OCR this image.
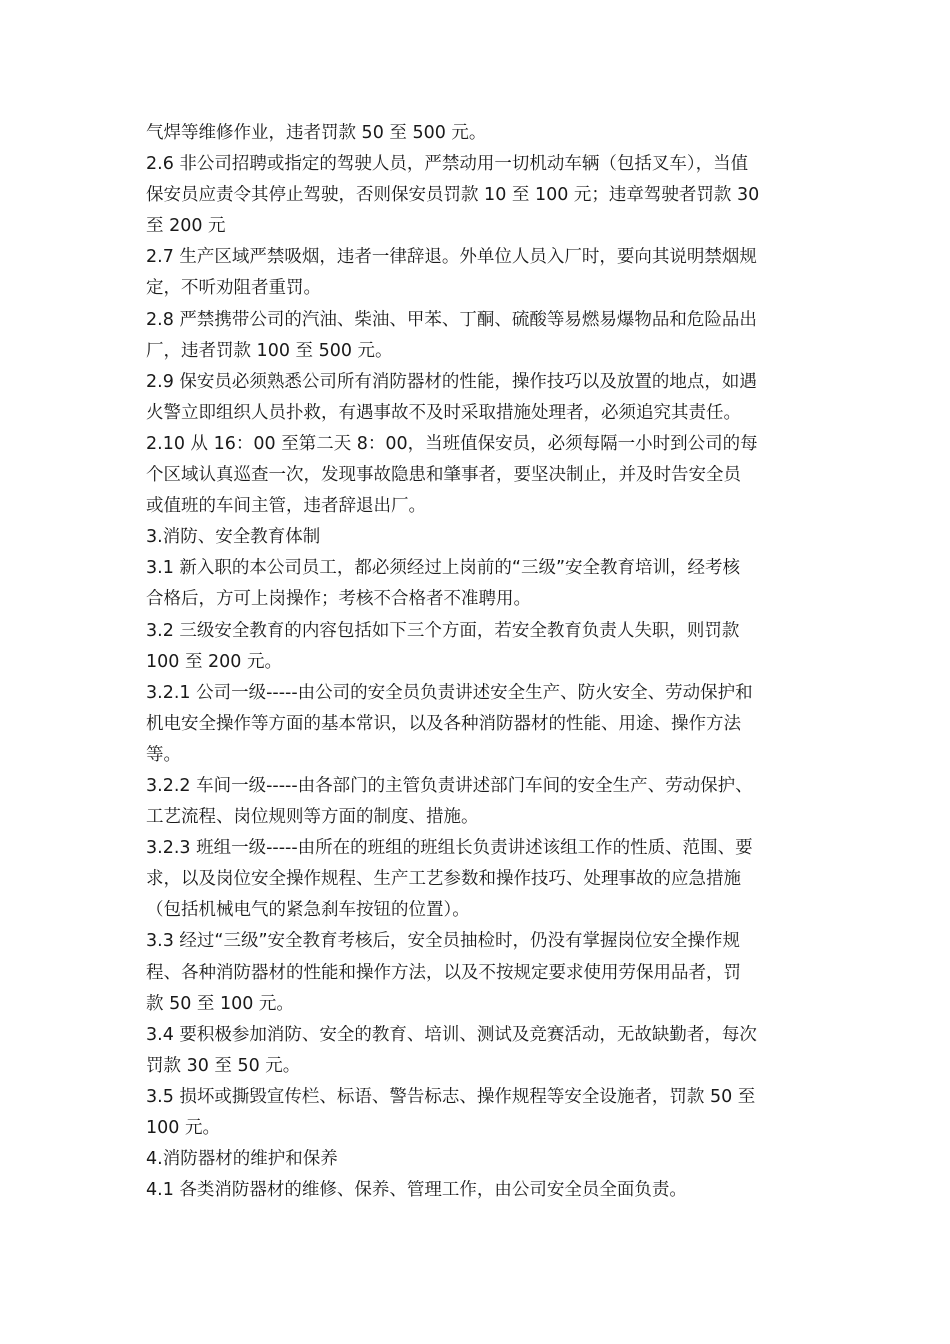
气焊等维修作业，违者罚款 50 至 500 元。
2.6 非公司招聘或指定的驾驶人员，严禁动用一切机动车辆（包括叉车），当值
保安员应责令其停止驾驶，否则保安员罚款 10 至 100 元；违章驾驶者罚款 30
至 200 元
2.7 生产区域严禁吸烟，违者一律辞退。外单位人员入厂时，要向其说明禁烟规
定，不听劝阻者重罚。
2.8 严禁携带公司的汽油、柴油、甲苯、丁酮、硫酸等易燃易爆物品和危险品出
厂，违者罚款 100 至 500 元。
2.9 保安员必须熟悉公司所有消防器材的性能，操作技巧以及放置的地点，如遇
火警立即组织人员扑救，有遇事故不及时采取措施处理者，必须追究其责任。
2.10 从 16：00 至第二天 8：00，当班值保安员，必须每隔一小时到公司的每
个区域认真巡查一次，发现事故隐患和肇事者，要坚决制止，并及时告安全员
或值班的车间主管，违者辞退出厂。
3.消防、安全教育体制
3.1 新入职的本公司员工，都必须经过上岗前的“三级”安全教育培训，经考核
合格后，方可上岗操作；考核不合格者不准聘用。
3.2 三级安全教育的内容包括如下三个方面，若安全教育负责人失职，则罚款
100 至 200 元。
3.2.1 公司一级-----由公司的安全员负责讲述安全生产、防火安全、劳动保护和
机电安全操作等方面的基本常识，以及各种消防器材的性能、用途、操作方法
等。
3.2.2 车间一级-----由各部门的主管负责讲述部门车间的安全生产、劳动保护、
工艺流程、岗位规则等方面的制度、措施。
3.2.3 班组一级-----由所在的班组的班组长负责讲述该组工作的性质、范围、要
求，以及岗位安全操作规程、生产工艺参数和操作技巧、处理事故的应急措施
（包括机械电气的紧急刹车按钮的位置）。
3.3 经过“三级”安全教育考核后，安全员抽检时，仍没有掌握岗位安全操作规
程、各种消防器材的性能和操作方法，以及不按规定要求使用劳保用品者，罚
款 50 至 100 元。
3.4 要积极参加消防、安全的教育、培训、测试及竞赛活动，无故缺勤者，每次
罚款 30 至 50 元。
3.5 损坏或撕毁宣传栏、标语、警告标志、操作规程等安全设施者，罚款 50 至
100 元。
4.消防器材的维护和保养
4.1 各类消防器材的维修、保养、管理工作，由公司安全员全面负责。
